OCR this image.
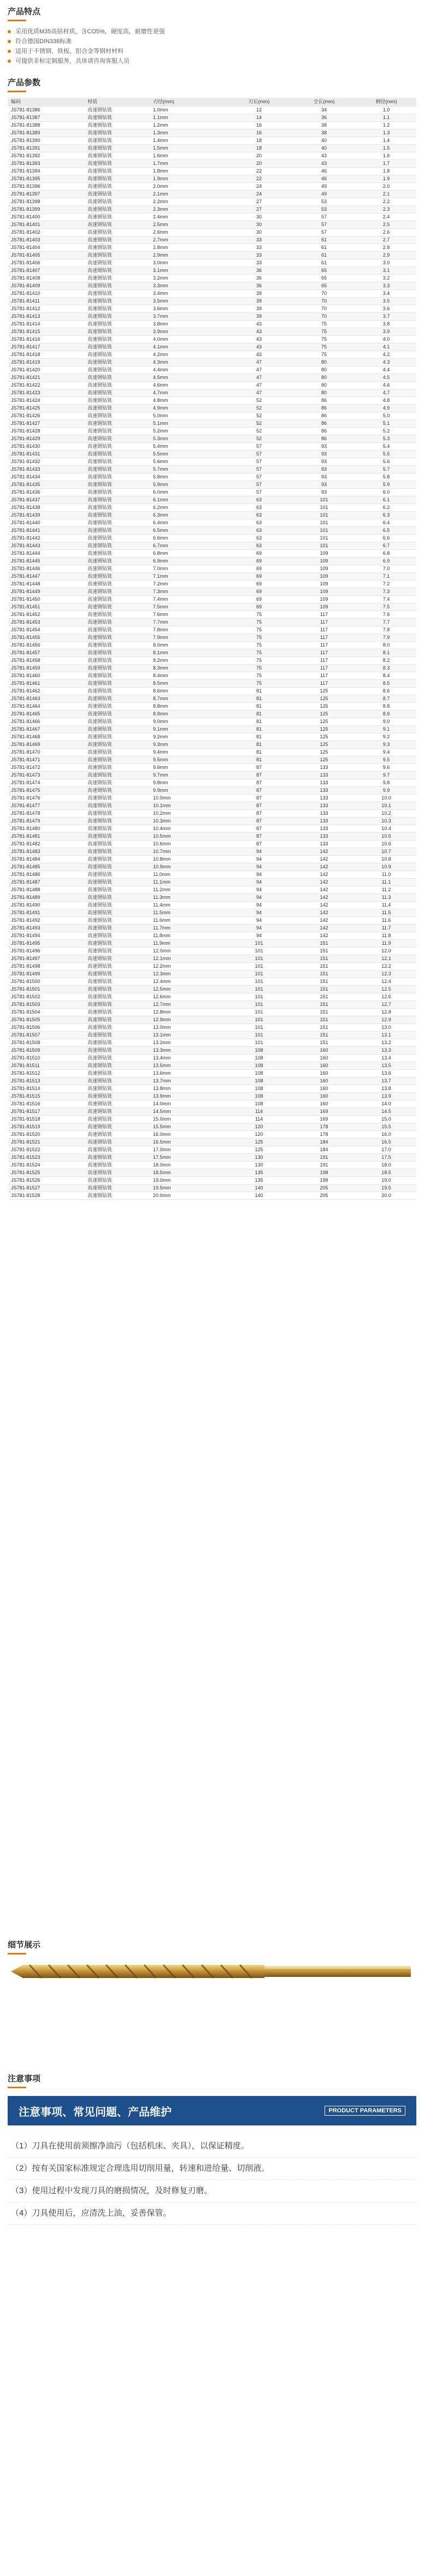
产品特点
采用优质M35高钴材质，含CO5%，硬度高，耐磨性更强
符合德国DIN338标准
适用于不锈钢、铁板、铝合金等钢材材料
可提供非标定制服务，具体请咨询客服人员
产品参数
编码	材质	刃径(mm)	刃长(mm)	全长(mm)	柄径(mm)
JS781-81386	高速钢钻铣	1.0mm	12	34	1.0
JS781-81387	高速钢钻铣	1.1mm	14	36	1.1
JS781-81388	高速钢钻铣	1.2mm	16	38	1.2
JS781-81389	高速钢钻铣	1.3mm	16	38	1.3
JS781-81390	高速钢钻铣	1.4mm	18	40	1.4
JS781-81391	高速钢钻铣	1.5mm	18	40	1.5
JS781-81392	高速钢钻铣	1.6mm	20	43	1.6
JS781-81393	高速钢钻铣	1.7mm	20	43	1.7
JS781-81394	高速钢钻铣	1.8mm	22	46	1.8
JS781-81395	高速钢钻铣	1.9mm	22	46	1.9
JS781-81396	高速钢钻铣	2.0mm	24	49	2.0
JS781-81397	高速钢钻铣	2.1mm	24	49	2.1
JS781-81398	高速钢钻铣	2.2mm	27	53	2.2
JS781-81399	高速钢钻铣	2.3mm	27	53	2.3
JS781-81400	高速钢钻铣	2.4mm	30	57	2.4
JS781-81401	高速钢钻铣	2.5mm	30	57	2.5
JS781-81402	高速钢钻铣	2.6mm	30	57	2.6
JS781-81403	高速钢钻铣	2.7mm	33	61	2.7
JS781-81404	高速钢钻铣	2.8mm	33	61	2.8
JS781-81405	高速钢钻铣	2.9mm	33	61	2.9
JS781-81406	高速钢钻铣	3.0mm	33	61	3.0
JS781-81407	高速钢钻铣	3.1mm	36	65	3.1
JS781-81408	高速钢钻铣	3.2mm	36	65	3.2
JS781-81409	高速钢钻铣	3.3mm	36	65	3.3
JS781-81410	高速钢钻铣	3.4mm	39	70	3.4
JS781-81411	高速钢钻铣	3.5mm	39	70	3.5
JS781-81412	高速钢钻铣	3.6mm	39	70	3.6
JS781-81413	高速钢钻铣	3.7mm	39	70	3.7
JS781-81414	高速钢钻铣	3.8mm	43	75	3.8
JS781-81415	高速钢钻铣	3.9mm	43	75	3.9
JS781-81416	高速钢钻铣	4.0mm	43	75	4.0
JS781-81417	高速钢钻铣	4.1mm	43	75	4.1
JS781-81418	高速钢钻铣	4.2mm	43	75	4.2
JS781-81419	高速钢钻铣	4.3mm	47	80	4.3
JS781-81420	高速钢钻铣	4.4mm	47	80	4.4
JS781-81421	高速钢钻铣	4.5mm	47	80	4.5
JS781-81422	高速钢钻铣	4.6mm	47	80	4.6
JS781-81423	高速钢钻铣	4.7mm	47	80	4.7
JS781-81424	高速钢钻铣	4.8mm	52	86	4.8
JS781-81425	高速钢钻铣	4.9mm	52	86	4.9
JS781-81426	高速钢钻铣	5.0mm	52	86	5.0
JS781-81427	高速钢钻铣	5.1mm	52	86	5.1
JS781-81428	高速钢钻铣	5.2mm	52	86	5.2
JS781-81429	高速钢钻铣	5.3mm	52	86	5.3
JS781-81430	高速钢钻铣	5.4mm	57	93	5.4
JS781-81431	高速钢钻铣	5.5mm	57	93	5.5
JS781-81432	高速钢钻铣	5.6mm	57	93	5.6
JS781-81433	高速钢钻铣	5.7mm	57	93	5.7
JS781-81434	高速钢钻铣	5.8mm	57	93	5.8
JS781-81435	高速钢钻铣	5.9mm	57	93	5.9
JS781-81436	高速钢钻铣	6.0mm	57	93	6.0
JS781-81437	高速钢钻铣	6.1mm	63	101	6.1
JS781-81438	高速钢钻铣	6.2mm	63	101	6.2
JS781-81439	高速钢钻铣	6.3mm	63	101	6.3
JS781-81440	高速钢钻铣	6.4mm	63	101	6.4
JS781-81441	高速钢钻铣	6.5mm	63	101	6.5
JS781-81442	高速钢钻铣	6.6mm	63	101	6.6
JS781-81443	高速钢钻铣	6.7mm	63	101	6.7
JS781-81444	高速钢钻铣	6.8mm	69	109	6.8
JS781-81445	高速钢钻铣	6.9mm	69	109	6.9
JS781-81446	高速钢钻铣	7.0mm	69	109	7.0
JS781-81447	高速钢钻铣	7.1mm	69	109	7.1
JS781-81448	高速钢钻铣	7.2mm	69	109	7.2
JS781-81449	高速钢钻铣	7.3mm	69	109	7.3
JS781-81450	高速钢钻铣	7.4mm	69	109	7.4
JS781-81451	高速钢钻铣	7.5mm	69	109	7.5
JS781-81452	高速钢钻铣	7.6mm	75	117	7.6
JS781-81453	高速钢钻铣	7.7mm	75	117	7.7
JS781-81454	高速钢钻铣	7.8mm	75	117	7.8
JS781-81455	高速钢钻铣	7.9mm	75	117	7.9
JS781-81456	高速钢钻铣	8.0mm	75	117	8.0
JS781-81457	高速钢钻铣	8.1mm	75	117	8.1
JS781-81458	高速钢钻铣	8.2mm	75	117	8.2
JS781-81459	高速钢钻铣	8.3mm	75	117	8.3
JS781-81460	高速钢钻铣	8.4mm	75	117	8.4
JS781-81461	高速钢钻铣	8.5mm	75	117	8.5
JS781-81462	高速钢钻铣	8.6mm	81	125	8.6
JS781-81463	高速钢钻铣	8.7mm	81	125	8.7
JS781-81464	高速钢钻铣	8.8mm	81	125	8.8
JS781-81465	高速钢钻铣	8.9mm	81	125	8.9
JS781-81466	高速钢钻铣	9.0mm	81	125	9.0
JS781-81467	高速钢钻铣	9.1mm	81	125	9.1
JS781-81468	高速钢钻铣	9.2mm	81	125	9.2
JS781-81469	高速钢钻铣	9.3mm	81	125	9.3
JS781-81470	高速钢钻铣	9.4mm	81	125	9.4
JS781-81471	高速钢钻铣	9.5mm	81	125	9.5
JS781-81472	高速钢钻铣	9.6mm	87	133	9.6
JS781-81473	高速钢钻铣	9.7mm	87	133	9.7
JS781-81474	高速钢钻铣	9.8mm	87	133	9.8
JS781-81475	高速钢钻铣	9.9mm	87	133	9.9
JS781-81476	高速钢钻铣	10.0mm	87	133	10.0
JS781-81477	高速钢钻铣	10.1mm	87	133	10.1
JS781-81478	高速钢钻铣	10.2mm	87	133	10.2
JS781-81479	高速钢钻铣	10.3mm	87	133	10.3
JS781-81480	高速钢钻铣	10.4mm	87	133	10.4
JS781-81481	高速钢钻铣	10.5mm	87	133	10.5
JS781-81482	高速钢钻铣	10.6mm	87	133	10.6
JS781-81483	高速钢钻铣	10.7mm	94	142	10.7
JS781-81484	高速钢钻铣	10.8mm	94	142	10.8
JS781-81485	高速钢钻铣	10.9mm	94	142	10.9
JS781-81486	高速钢钻铣	11.0mm	94	142	11.0
JS781-81487	高速钢钻铣	11.1mm	94	142	11.1
JS781-81488	高速钢钻铣	11.2mm	94	142	11.2
JS781-81489	高速钢钻铣	11.3mm	94	142	11.3
JS781-81490	高速钢钻铣	11.4mm	94	142	11.4
JS781-81491	高速钢钻铣	11.5mm	94	142	11.5
JS781-81492	高速钢钻铣	11.6mm	94	142	11.6
JS781-81493	高速钢钻铣	11.7mm	94	142	11.7
JS781-81494	高速钢钻铣	11.8mm	94	142	11.8
JS781-81495	高速钢钻铣	11.9mm	101	151	11.9
JS781-81496	高速钢钻铣	12.0mm	101	151	12.0
JS781-81497	高速钢钻铣	12.1mm	101	151	12.1
JS781-81498	高速钢钻铣	12.2mm	101	151	12.2
JS781-81499	高速钢钻铣	12.3mm	101	151	12.3
JS781-81500	高速钢钻铣	12.4mm	101	151	12.4
JS781-81501	高速钢钻铣	12.5mm	101	151	12.5
JS781-81502	高速钢钻铣	12.6mm	101	151	12.6
JS781-81503	高速钢钻铣	12.7mm	101	151	12.7
JS781-81504	高速钢钻铣	12.8mm	101	151	12.8
JS781-81505	高速钢钻铣	12.9mm	101	151	12.9
JS781-81506	高速钢钻铣	13.0mm	101	151	13.0
JS781-81507	高速钢钻铣	13.1mm	101	151	13.1
JS781-81508	高速钢钻铣	13.2mm	101	151	13.2
JS781-81509	高速钢钻铣	13.3mm	108	160	13.3
JS781-81510	高速钢钻铣	13.4mm	108	160	13.4
JS781-81511	高速钢钻铣	13.5mm	108	160	13.5
JS781-81512	高速钢钻铣	13.6mm	108	160	13.6
JS781-81513	高速钢钻铣	13.7mm	108	160	13.7
JS781-81514	高速钢钻铣	13.8mm	108	160	13.8
JS781-81515	高速钢钻铣	13.9mm	108	160	13.9
JS781-81516	高速钢钻铣	14.0mm	108	160	14.0
JS781-81517	高速钢钻铣	14.5mm	114	169	14.5
JS781-81518	高速钢钻铣	15.0mm	114	169	15.0
JS781-81519	高速钢钻铣	15.5mm	120	178	15.5
JS781-81520	高速钢钻铣	16.0mm	120	178	16.0
JS781-81521	高速钢钻铣	16.5mm	125	184	16.5
JS781-81522	高速钢钻铣	17.0mm	125	184	17.0
JS781-81523	高速钢钻铣	17.5mm	130	191	17.5
JS781-81524	高速钢钻铣	18.0mm	130	191	18.0
JS781-81525	高速钢钻铣	18.5mm	135	198	18.5
JS781-81526	高速钢钻铣	19.0mm	135	198	19.0
JS781-81527	高速钢钻铣	19.5mm	140	205	19.5
JS781-81528	高速钢钻铣	20.0mm	140	205	20.0
细节展示
注意事项
注意事项、常见问题、产品维护	PRODUCT PARAMETERS
（1）刀具在使用前须擦净油污（包括机床、夹具），以保证精度。
（2）按有关国家标准规定合理选用切削用量，转速和进给量、切削液。
（3）使用过程中发现刀具的磨损情况，及时修复刃磨。
（4）刀具使用后，应清洗上油，妥善保管。
